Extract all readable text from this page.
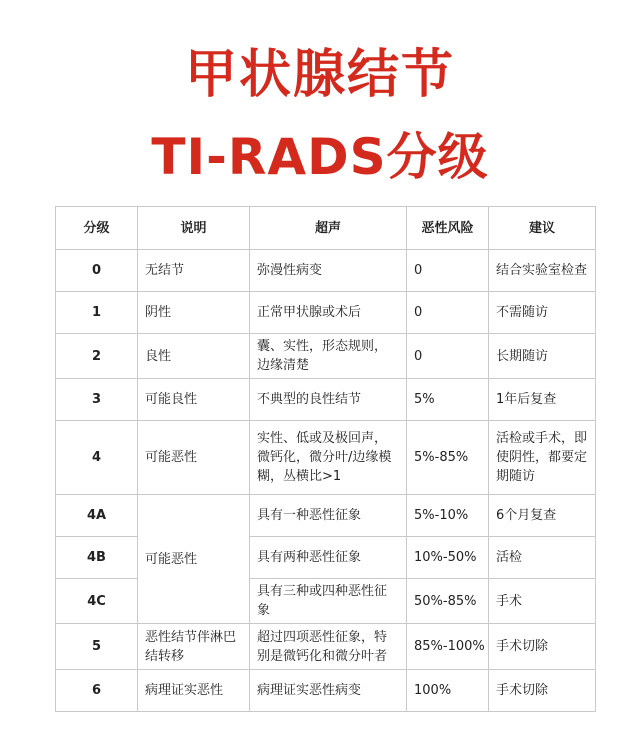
甲状腺结节
TI-RADS分级
分级	说明	超声	恶性风险	建议
0	无结节	弥漫性病变	0	结合实验室检查
1	阴性	正常甲状腺或术后	0	不需随访
2	良性	囊、实性，形态规则，边缘清楚	0	长期随访
3	可能良性	不典型的良性结节	5%	1年后复查
4	可能恶性	实性、低或及极回声，微钙化，微分叶/边缘模糊，丛横比>1	5%-85%	活检或手术，即使阴性，都要定期随访
4A	可能恶性	具有一种恶性征象	5%-10%	6个月复查
4B		具有两种恶性征象	10%-50%	活检
4C		具有三种或四种恶性征象	50%-85%	手术
5	恶性结节伴淋巴结转移	超过四项恶性征象，特别是微钙化和微分叶者	85%-100%	手术切除
6	病理证实恶性	病理证实恶性病变	100%	手术切除
